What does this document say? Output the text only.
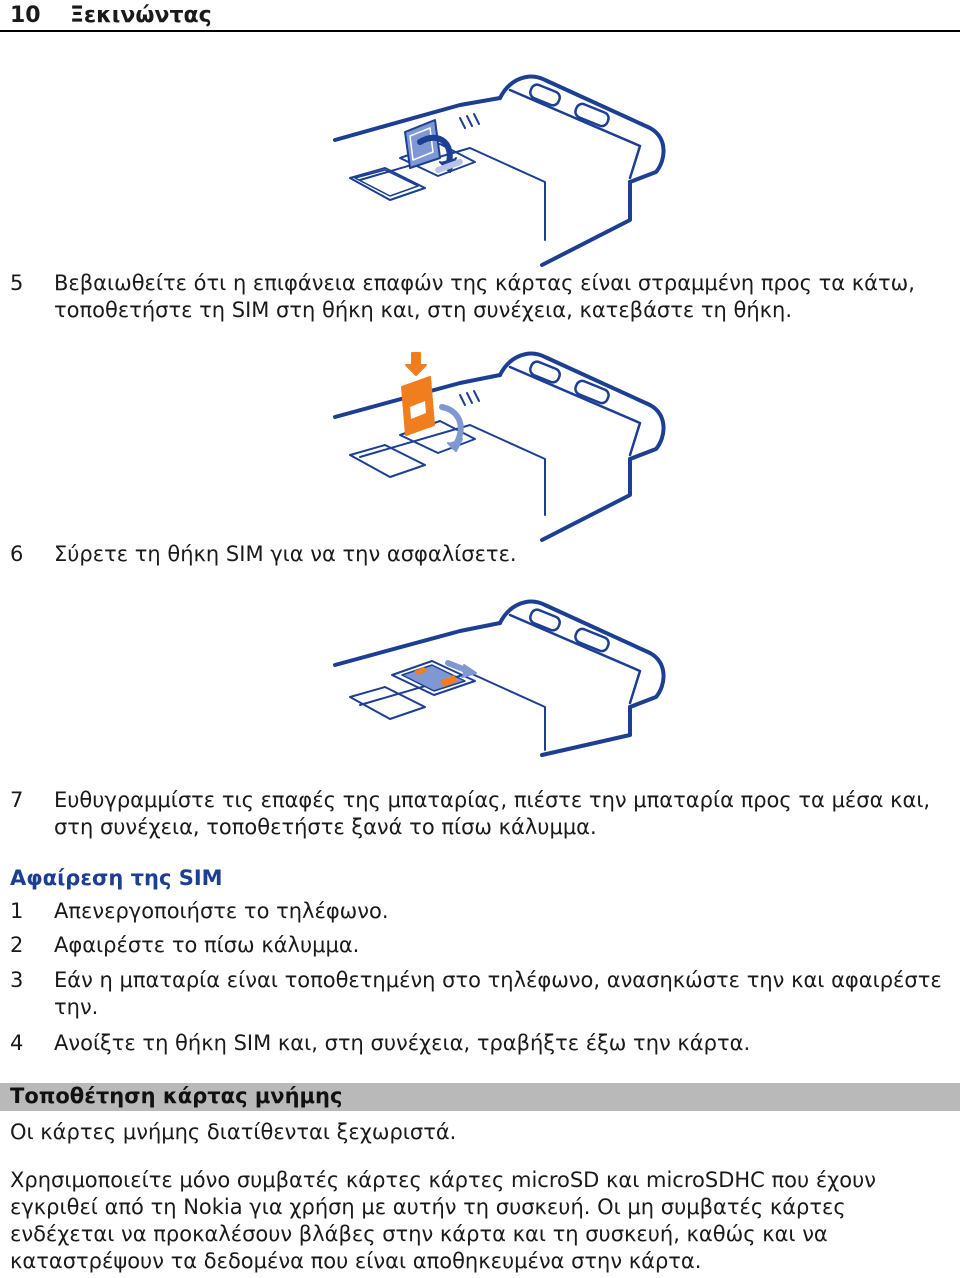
10 Ξεκινώντας
5 Βεβαιωθείτε ότι η επιφάνεια επαφών της κάρτας είναι στραμμένη προς τα κάτω, τοποθετήστε τη SIM στη θήκη και, στη συνέχεια, κατεβάστε τη θήκη.
6 Σύρετε τη θήκη SIM για να την ασφαλίσετε.
7 Ευθυγραμμίστε τις επαφές της μπαταρίας, πιέστε την μπαταρία προς τα μέσα και, στη συνέχεια, τοποθετήστε ξανά το πίσω κάλυμμα.
Αφαίρεση της SIM
1 Απενεργοποιήστε το τηλέφωνο.
2 Αφαιρέστε το πίσω κάλυμμα.
3 Εάν η μπαταρία είναι τοποθετημένη στο τηλέφωνο, ανασηκώστε την και αφαιρέστε την.
4 Ανοίξτε τη θήκη SIM και, στη συνέχεια, τραβήξτε έξω την κάρτα.
Τοποθέτηση κάρτας μνήμης
Οι κάρτες μνήμης διατίθενται ξεχωριστά.
Χρησιμοποιείτε μόνο συμβατές κάρτες κάρτες microSD και microSDHC που έχουν εγκριθεί από τη Nokia για χρήση με αυτήν τη συσκευή. Οι μη συμβατές κάρτες ενδέχεται να προκαλέσουν βλάβες στην κάρτα και τη συσκευή, καθώς και να καταστρέψουν τα δεδομένα που είναι αποθηκευμένα στην κάρτα.
